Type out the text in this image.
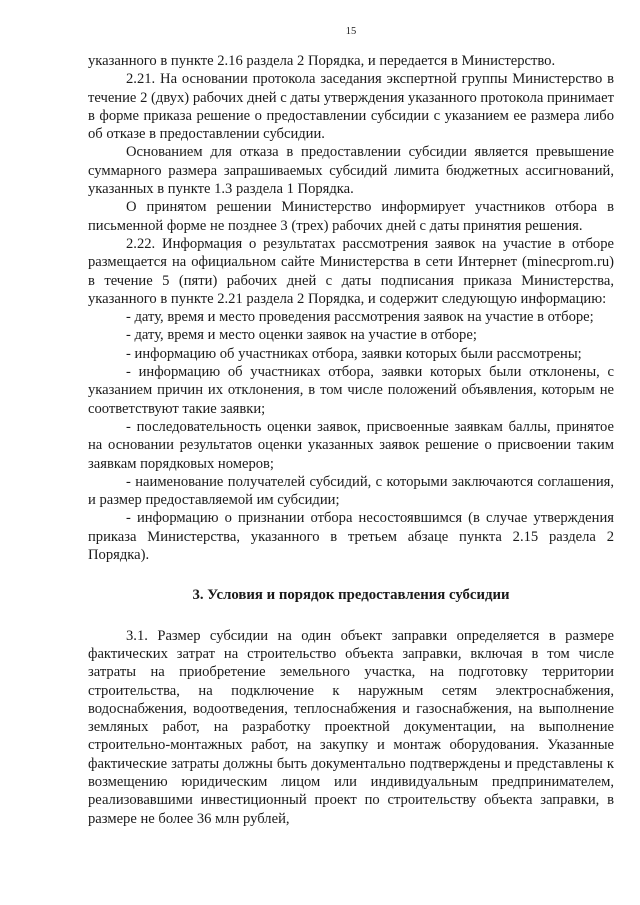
15

указанного в пункте 2.16 раздела 2 Порядка, и передается в Министерство.

2.21. На основании протокола заседания экспертной группы Министерство в течение 2 (двух) рабочих дней с даты утверждения указанного протокола принимает в форме приказа решение о предоставлении субсидии с указанием ее размера либо об отказе в предоставлении субсидии.

Основанием для отказа в предоставлении субсидии является превышение суммарного размера запрашиваемых субсидий лимита бюджетных ассигнований, указанных в пункте 1.3 раздела 1 Порядка.

О принятом решении Министерство информирует участников отбора в письменной форме не позднее 3 (трех) рабочих дней с даты принятия решения.

2.22. Информация о результатах рассмотрения заявок на участие в отборе размещается на официальном сайте Министерства в сети Интернет (minecprom.ru) в течение 5 (пяти) рабочих дней с даты подписания приказа Министерства, указанного в пункте 2.21 раздела 2 Порядка, и содержит следующую информацию:

- дату, время и место проведения рассмотрения заявок на участие в отборе;

- дату, время и место оценки заявок на участие в отборе;

- информацию об участниках отбора, заявки которых были рассмотрены;

- информацию об участниках отбора, заявки которых были отклонены, с указанием причин их отклонения, в том числе положений объявления, которым не соответствуют такие заявки;

- последовательность оценки заявок, присвоенные заявкам баллы, принятое на основании результатов оценки указанных заявок решение о присвоении таким заявкам порядковых номеров;

- наименование получателей субсидий, с которыми заключаются соглашения, и размер предоставляемой им субсидии;

- информацию о признании отбора несостоявшимся (в случае утверждения приказа Министерства, указанного в третьем абзаце пункта 2.15 раздела 2 Порядка).

3. Условия и порядок предоставления субсидии

3.1. Размер субсидии на один объект заправки определяется в размере фактических затрат на строительство объекта заправки, включая в том числе затраты на приобретение земельного участка, на подготовку территории строительства, на подключение к наружным сетям электроснабжения, водоснабжения, водоотведения, теплоснабжения и газоснабжения, на выполнение земляных работ, на разработку проектной документации, на выполнение строительно-монтажных работ, на закупку и монтаж оборудования. Указанные фактические затраты должны быть документально подтверждены и представлены к возмещению юридическим лицом или индивидуальным предпринимателем, реализовавшими инвестиционный проект по строительству объекта заправки, в размере не более 36 млн рублей,
